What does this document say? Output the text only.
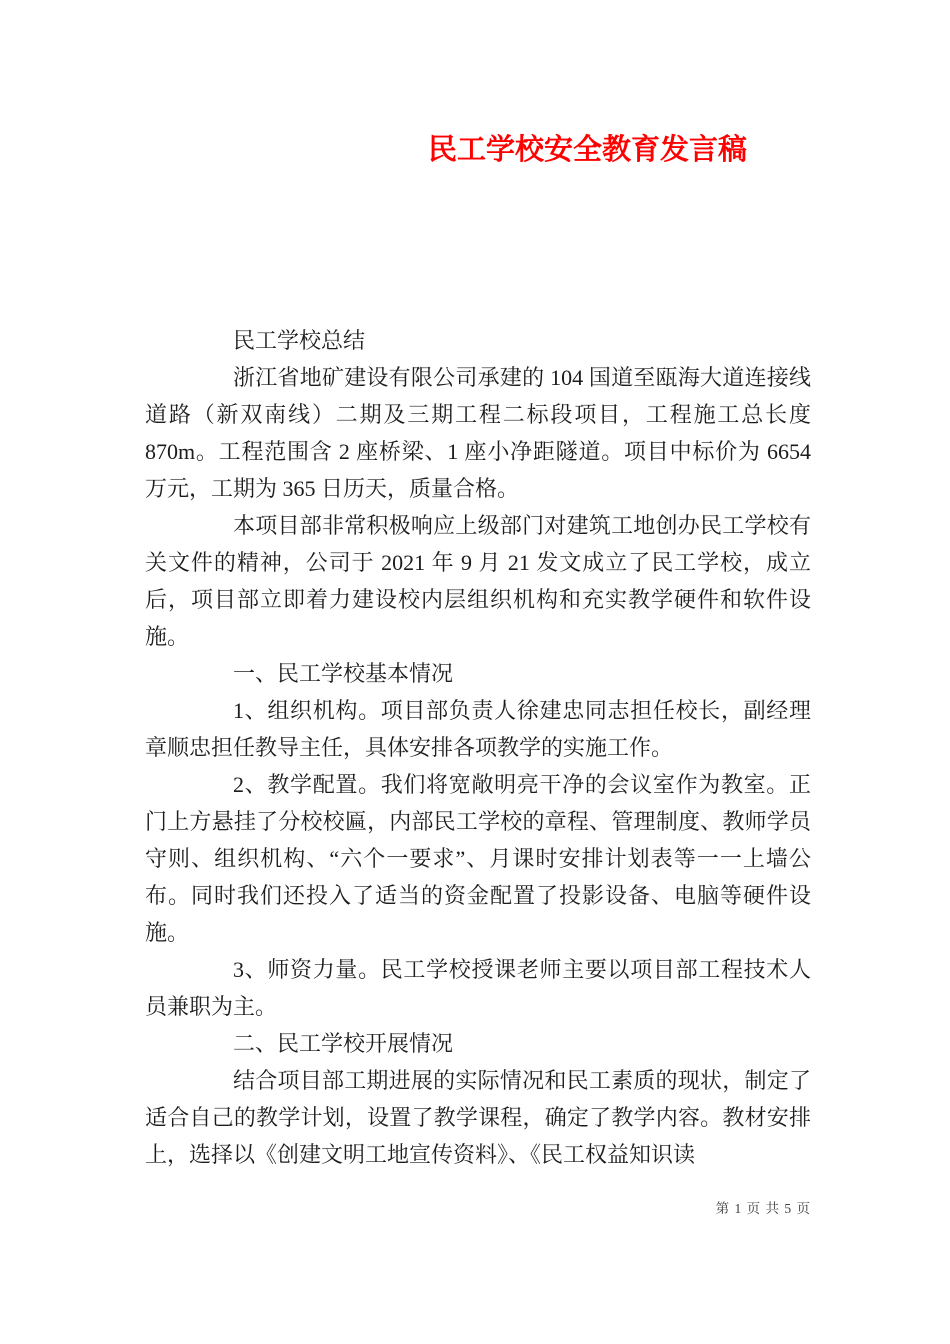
民工学校安全教育发言稿

民工学校总结

浙江省地矿建设有限公司承建的 104 国道至瓯海大道连接线道路（新双南线）二期及三期工程二标段项目，工程施工总长度 870m。工程范围含 2 座桥梁、1 座小净距隧道。项目中标价为 6654 万元，工期为 365 日历天，质量合格。

本项目部非常积极响应上级部门对建筑工地创办民工学校有关文件的精神，公司于 2021 年 9 月 21 发文成立了民工学校，成立后，项目部立即着力建设校内层组织机构和充实教学硬件和软件设施。

一、民工学校基本情况

1、组织机构。项目部负责人徐建忠同志担任校长，副经理章顺忠担任教导主任，具体安排各项教学的实施工作。

2、教学配置。我们将宽敞明亮干净的会议室作为教室。正门上方悬挂了分校校匾，内部民工学校的章程、管理制度、教师学员守则、组织机构、“六个一要求”、月课时安排计划表等一一上墙公布。同时我们还投入了适当的资金配置了投影设备、电脑等硬件设施。

3、师资力量。民工学校授课老师主要以项目部工程技术人员兼职为主。

二、民工学校开展情况

结合项目部工期进展的实际情况和民工素质的现状，制定了适合自己的教学计划，设置了教学课程，确定了教学内容。教材安排上，选择以《创建文明工地宣传资料》、《民工权益知识读

第 1 页 共 5 页
